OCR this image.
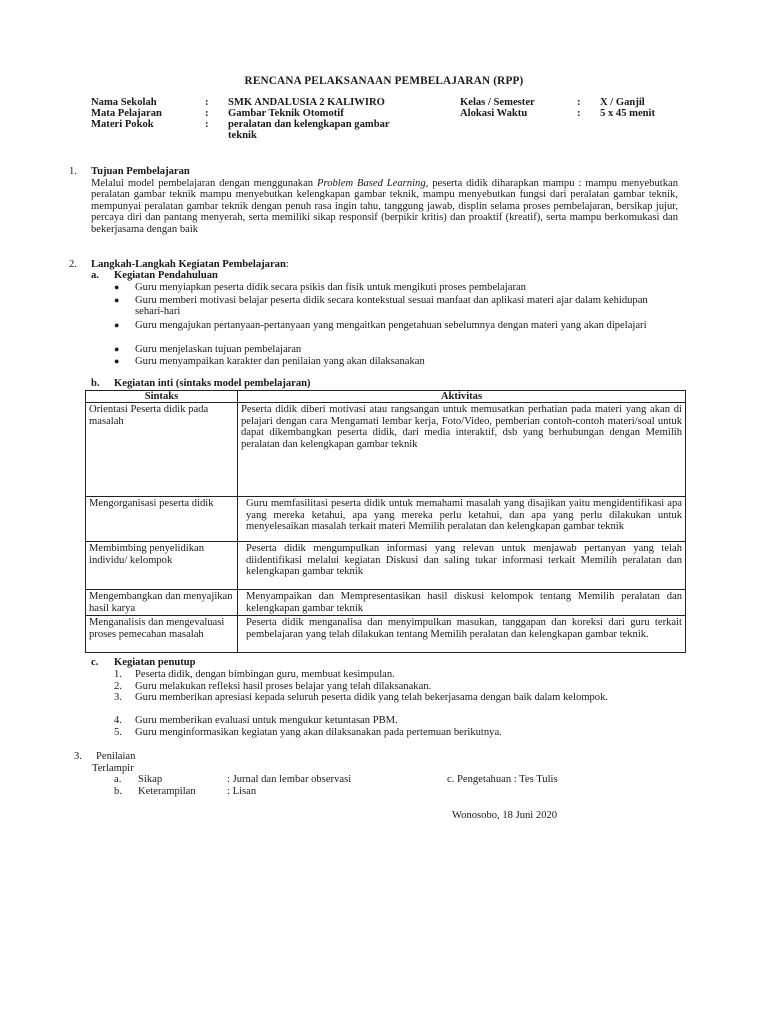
RENCANA PELAKSANAAN PEMBELAJARAN (RPP)
Nama Sekolah	: SMK ANDALUSIA 2 KALIWIRO
Mata Pelajaran	: Gambar Teknik Otomotif
Materi Pokok	: peralatan dan kelengkapan gambar
teknik
Kelas / Semester	: X / Ganjil
Alokasi Waktu	: 5 x 45 menit
1. Tujuan Pembelajaran
Melalui model pembelajaran dengan menggunakan Problem Based Learning, peserta didik diharapkan mampu : mampu menyebutkan peralatan gambar teknik mampu menyebutkan kelengkapan gambar teknik, mampu menyebutkan fungsi dari peralatan gambar teknik, mempunyai peralatan gambar teknik dengan penuh rasa ingin tahu, tanggung jawab, displin selama proses pembelajaran, bersikap jujur, percaya diri dan pantang menyerah, serta memiliki sikap responsif (berpikir kritis) dan proaktif (kreatif), serta mampu berkomukasi dan bekerjasama dengan baik
2. Langkah-Langkah Kegiatan Pembelajaran:
a. Kegiatan Pendahuluan
● Guru menyiapkan peserta didik secara psikis dan fisik untuk mengikuti proses pembelajaran
● Guru memberi motivasi belajar peserta didik secara kontekstual sesuai manfaat dan aplikasi materi ajar dalam kehidupan sehari-hari
● Guru mengajukan pertanyaan-pertanyaan yang mengaitkan pengetahuan sebelumnya dengan materi yang akan dipelajari
● Guru menjelaskan tujuan pembelajaran
● Guru menyampaikan karakter dan penilaian yang akan dilaksanakan
b. Kegiatan inti (sintaks model pembelajaran)
Sintaks	Aktivitas
Orientasi Peserta didik pada masalah	Peserta didik diberi motivasi atau rangsangan untuk memusatkan perhatian pada materi yang akan di pelajari dengan cara Mengamati lembar kerja, Foto/Video, pemberian contoh-contoh materi/soal untuk dapat dikembangkan peserta didik, dari media interaktif, dsb yang berhubungan dengan Memilih peralatan dan kelengkapan gambar teknik
Mengorganisasi peserta didik	Guru memfasilitasi peserta didik untuk memahami masalah yang disajikan yaitu mengidentifikasi apa yang mereka ketahui, apa yang mereka perlu ketahui, dan apa yang perlu dilakukan untuk menyelesaikan masalah terkait materi Memilih peralatan dan kelengkapan gambar teknik
Membimbing penyelidikan individu/ kelompok	Peserta didik mengumpulkan informasi yang relevan untuk menjawab pertanyan yang telah diidentifikasi melalui kegiatan Diskusi dan saling tukar informasi terkait Memilih peralatan dan kelengkapan gambar teknik
Mengembangkan dan menyajikan hasil karya	Menyampaikan dan Mempresentasikan hasil diskusi kelompok tentang Memilih peralatan dan kelengkapan gambar teknik
Menganalisis dan mengevaluasi proses pemecahan masalah	Peserta didik menganalisa dan menyimpulkan masukan, tanggapan dan koreksi dari guru terkait pembelajaran yang telah dilakukan tentang Memilih peralatan dan kelengkapan gambar teknik.
c. Kegiatan penutup
1. Peserta didik, dengan bimbingan guru, membuat kesimpulan.
2. Guru melakukan refleksi hasil proses belajar yang telah dilaksanakan.
3. Guru memberikan apresiasi kepada seluruh peserta didik yang telah bekerjasama dengan baik dalam kelompok.
4. Guru memberikan evaluasi untuk mengukur ketuntasan PBM.
5. Guru menginformasikan kegiatan yang akan dilaksanakan pada pertemuan berikutnya.
3. Penilaian
Terlampir
a. Sikap	: Jurnal dan lembar observasi	c. Pengetahuan : Tes Tulis
b. Keterampilan	: Lisan
Wonosobo, 18 Juni 2020
